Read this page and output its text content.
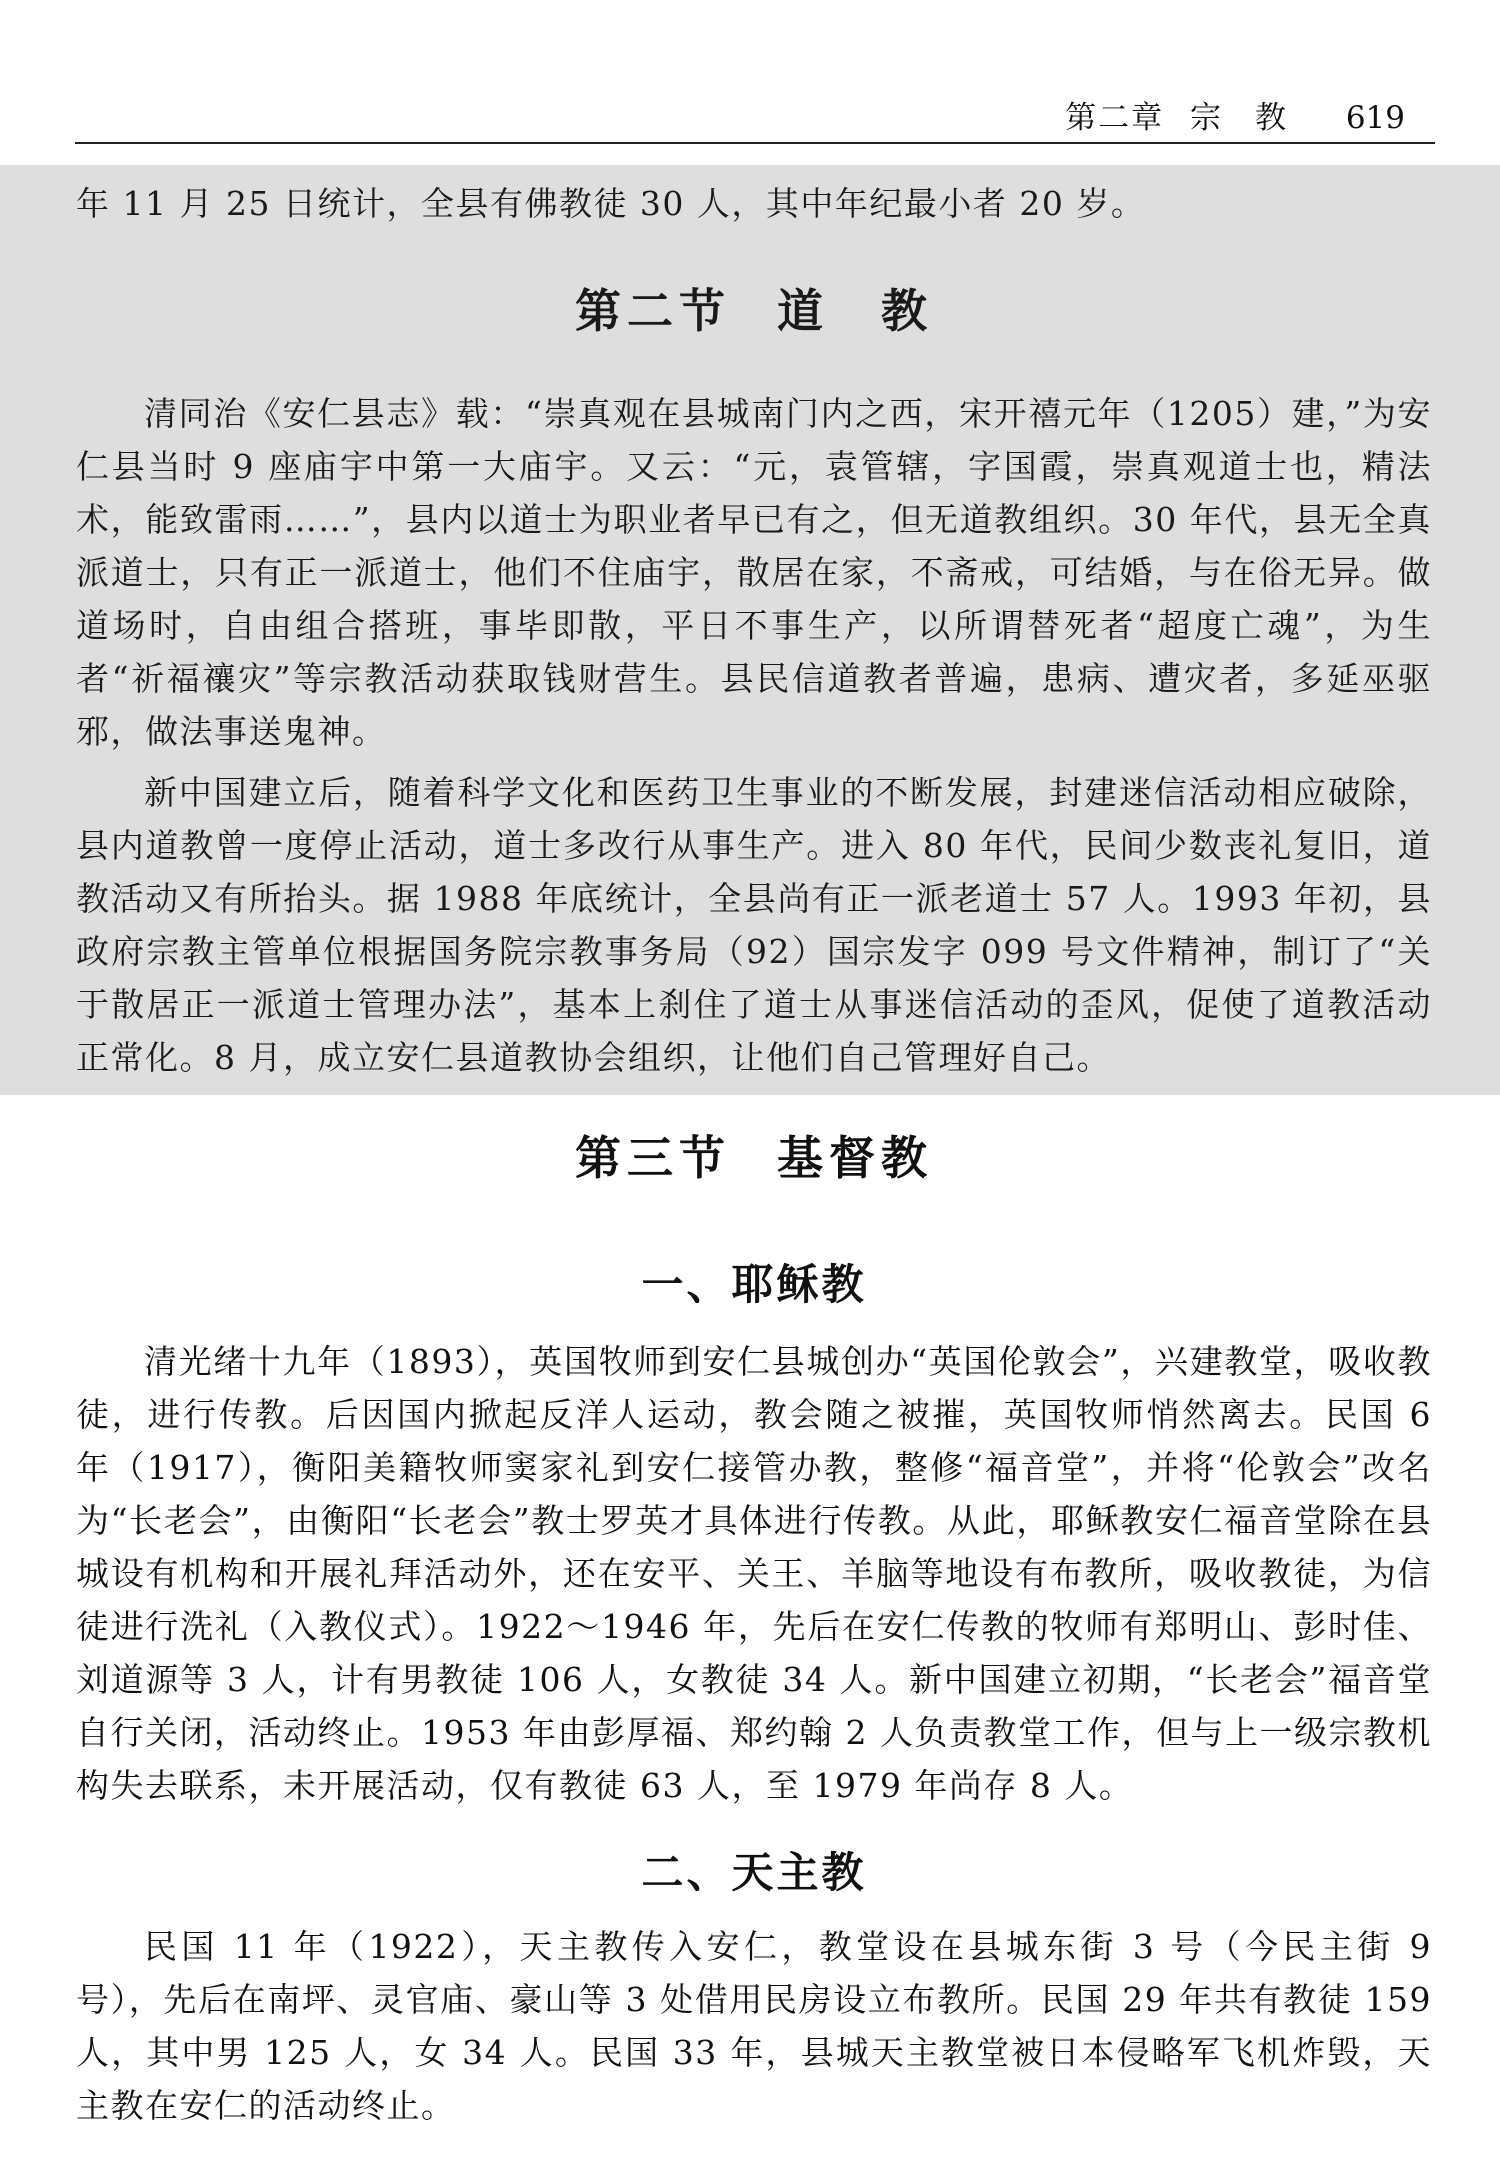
第二章 宗教 619

年 11 月 25 日统计，全县有佛教徒 30 人，其中年纪最小者 20 岁。

第二节 道　教

清同治《安仁县志》载：“崇真观在县城南门内之西，宋开禧元年（1205）建，”为安仁县当时 9 座庙宇中第一大庙宇。又云：“元，袁管辖，字国霞，崇真观道士也，精法术，能致雷雨……”，县内以道士为职业者早已有之，但无道教组织。30 年代，县无全真派道士，只有正一派道士，他们不住庙宇，散居在家，不斋戒，可结婚，与在俗无异。做道场时，自由组合搭班，事毕即散，平日不事生产，以所谓替死者“超度亡魂”，为生者“祈福禳灾”等宗教活动获取钱财营生。县民信道教者普遍，患病、遭灾者，多延巫驱邪，做法事送鬼神。

新中国建立后，随着科学文化和医药卫生事业的不断发展，封建迷信活动相应破除，县内道教曾一度停止活动，道士多改行从事生产。进入 80 年代，民间少数丧礼复旧，道教活动又有所抬头。据 1988 年底统计，全县尚有正一派老道士 57 人。1993 年初，县政府宗教主管单位根据国务院宗教事务局（92）国宗发字 099 号文件精神，制订了“关于散居正一派道士管理办法”，基本上刹住了道士从事迷信活动的歪风，促使了道教活动正常化。8 月，成立安仁县道教协会组织，让他们自己管理好自己。

第三节 基督教
一、耶稣教

清光绪十九年（1893），英国牧师到安仁县城创办“英国伦敦会”，兴建教堂，吸收教徒，进行传教。后因国内掀起反洋人运动，教会随之被摧，英国牧师悄然离去。民国 6 年（1917），衡阳美籍牧师窦家礼到安仁接管办教，整修“福音堂”，并将“伦敦会”改名为“长老会”，由衡阳“长老会”教士罗英才具体进行传教。从此，耶稣教安仁福音堂除在县城设有机构和开展礼拜活动外，还在安平、关王、羊脑等地设有布教所，吸收教徒，为信徒进行洗礼（入教仪式）。1922～1946 年，先后在安仁传教的牧师有郑明山、彭时佳、刘道源等 3 人，计有男教徒 106 人，女教徒 34 人。新中国建立初期，“长老会”福音堂自行关闭，活动终止。1953 年由彭厚福、郑约翰 2 人负责教堂工作，但与上一级宗教机构失去联系，未开展活动，仅有教徒 63 人，至 1979 年尚存 8 人。

二、天主教

民国 11 年（1922），天主教传入安仁，教堂设在县城东街 3 号（今民主街 9 号），先后在南坪、灵官庙、豪山等 3 处借用民房设立布教所。民国 29 年共有教徒 159 人，其中男 125 人，女 34 人。民国 33 年，县城天主教堂被日本侵略军飞机炸毁，天主教在安仁的活动终止。
